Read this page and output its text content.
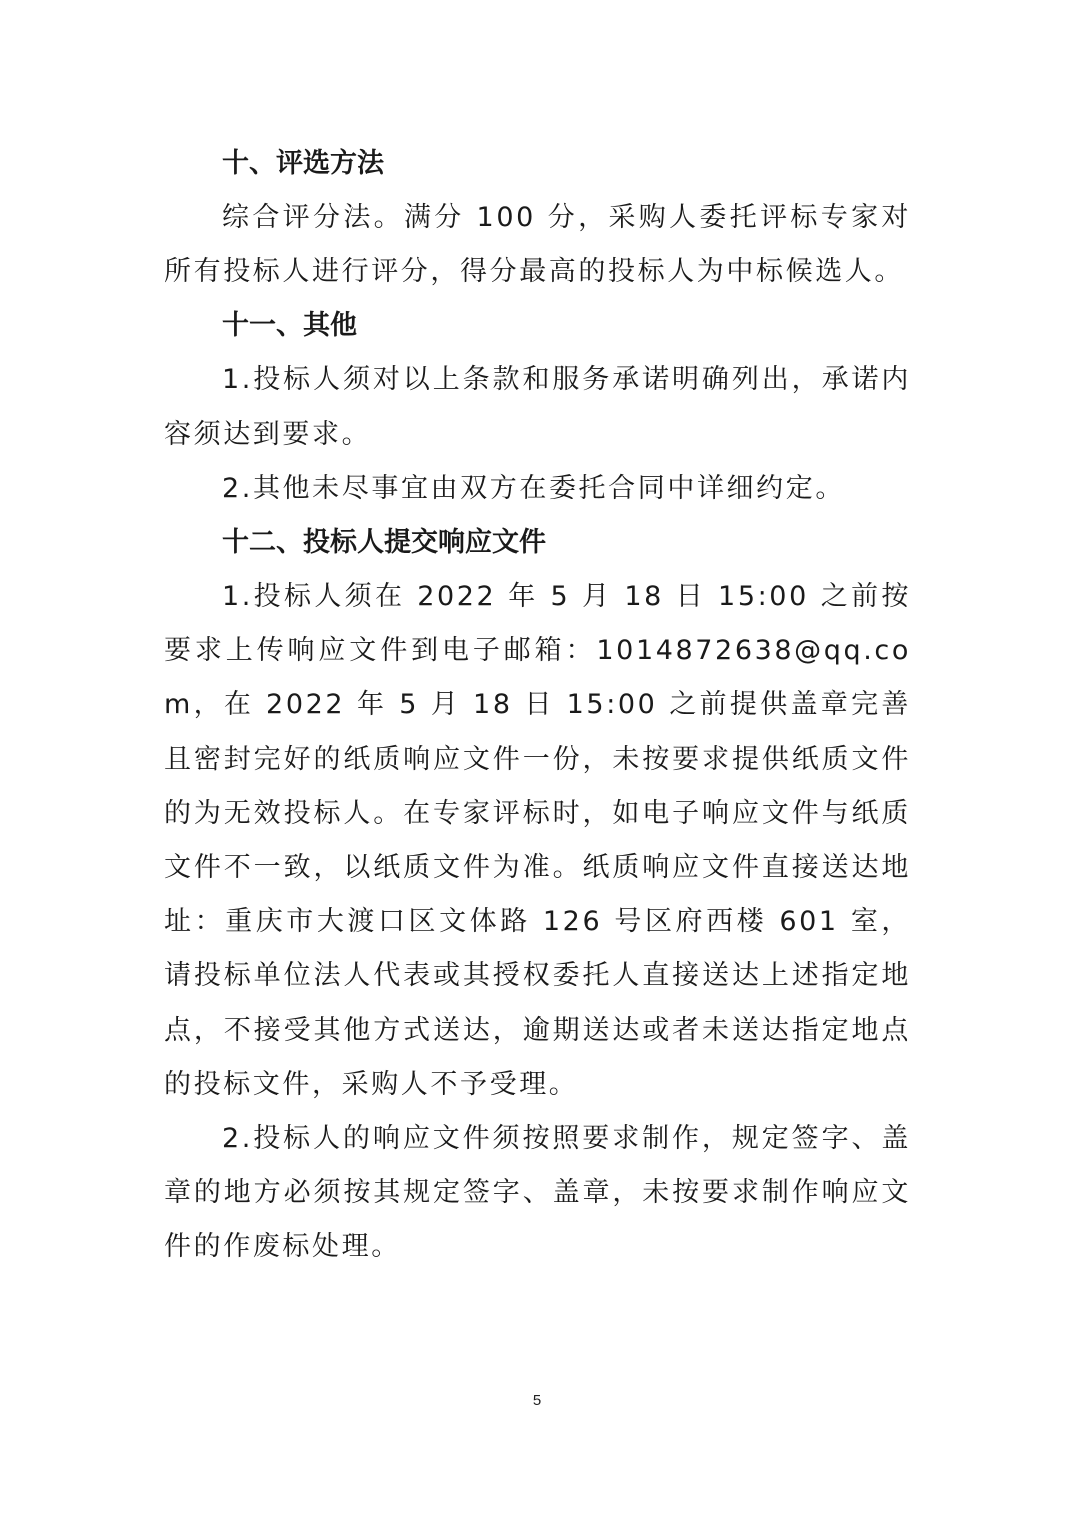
十、评选方法

综合评分法。满分 100 分，采购人委托评标专家对所有投标人进行评分，得分最高的投标人为中标候选人。

十一、其他

1.投标人须对以上条款和服务承诺明确列出，承诺内容须达到要求。

2.其他未尽事宜由双方在委托合同中详细约定。

十二、投标人提交响应文件

1.投标人须在 2022 年 5 月 18 日 15:00 之前按要求上传响应文件到电子邮箱：1014872638@qq.com，在 2022 年 5 月 18 日 15:00 之前提供盖章完善且密封完好的纸质响应文件一份，未按要求提供纸质文件的为无效投标人。在专家评标时，如电子响应文件与纸质文件不一致，以纸质文件为准。纸质响应文件直接送达地址：重庆市大渡口区文体路 126 号区府西楼 601 室，请投标单位法人代表或其授权委托人直接送达上述指定地点，不接受其他方式送达，逾期送达或者未送达指定地点的投标文件，采购人不予受理。

2.投标人的响应文件须按照要求制作，规定签字、盖章的地方必须按其规定签字、盖章，未按要求制作响应文件的作废标处理。

5
